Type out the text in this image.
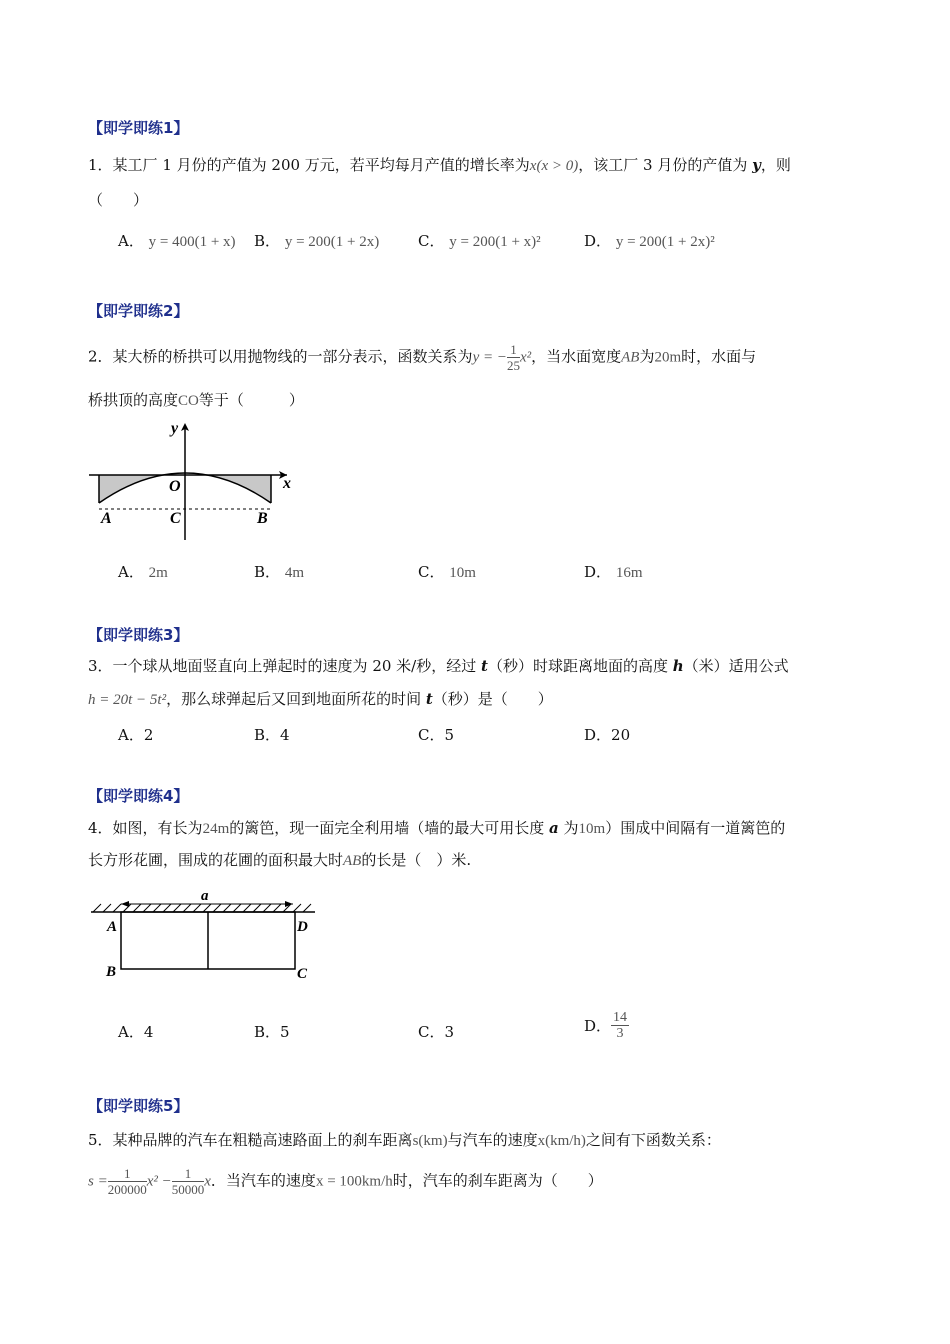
【即学即练1】
1．某工厂 1 月份的产值为 200 万元，若平均每月产值的增长率为x(x > 0)，该工厂 3 月份的产值为 y，则
（　　）
A． y = 400(1 + x) B． y = 200(1 + 2x)	C． y = 200(1 + x)²	D． y = 200(1 + 2x)²
【即学即练2】
2．某大桥的桥拱可以用抛物线的一部分表示，函数关系为y = − $\frac{1}{25} x^2$，当水面宽度AB为20m时，水面与
桥拱顶的高度CO等于（　　　）
y
x
O
A	C	B
A． 2m	B． 4m	C． 10m	D． 16m
【即学即练3】
3．一个球从地面竖直向上弹起时的速度为 20 米/秒，经过 t（秒）时球距离地面的高度 h（米）适用公式
h = 20t − 5t²，那么球弹起后又回到地面所花的时间 t（秒）是（　　）
A．2	B．4	C．5	D．20
【即学即练4】
4．如图，有长为24m的篱笆，现一面完全利用墙（墙的最大可用长度 a 为10m）围成中间隔有一道篱笆的
长方形花圃，围成的花圃的面积最大时AB的长是（　）米.
a
A	D
B	C
A．4	B．5	C．3	D． $\frac{14}{3}$
【即学即练5】
5．某种品牌的汽车在粗糙高速路面上的刹车距离s(km)与汽车的速度x(km/h)之间有下函数关系：
$s = \frac{1}{200000} x^2 - \frac{1}{50000}$ x．当汽车的速度x = 100km/h时，汽车的刹车距离为（　　）
